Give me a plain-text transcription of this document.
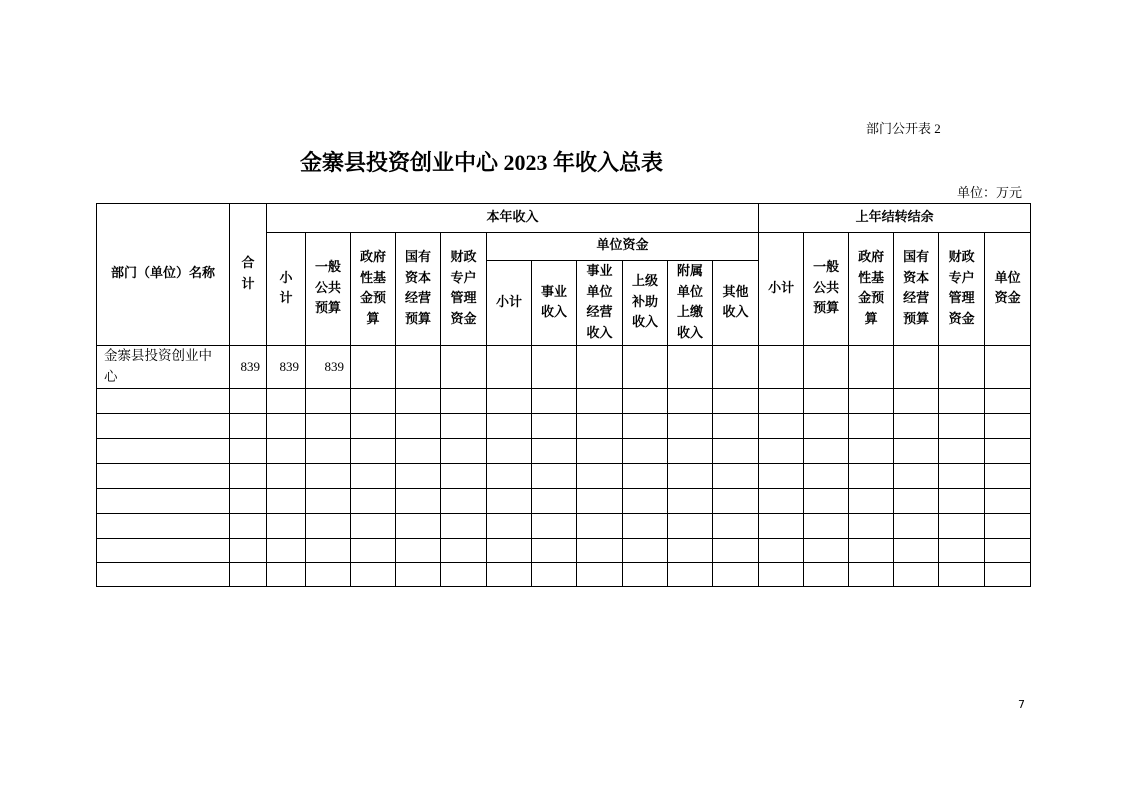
部门公开表 2
金寨县投资创业中心 2023 年收入总表
单位：万元
部门（单位）名称	合计	本年收入											上年结转结余					
		小计	一般公共预算	政府性基金预算	国有资本经营预算	财政专户管理资金	单位资金						小计	一般公共预算	政府性基金预算	国有资本经营预算	财政专户管理资金	单位资金
							小计	事业收入	事业单位经营收入	上级补助收入	附属单位上缴收入	其他收入						
金寨县投资创业中心	839	839	839															

7
